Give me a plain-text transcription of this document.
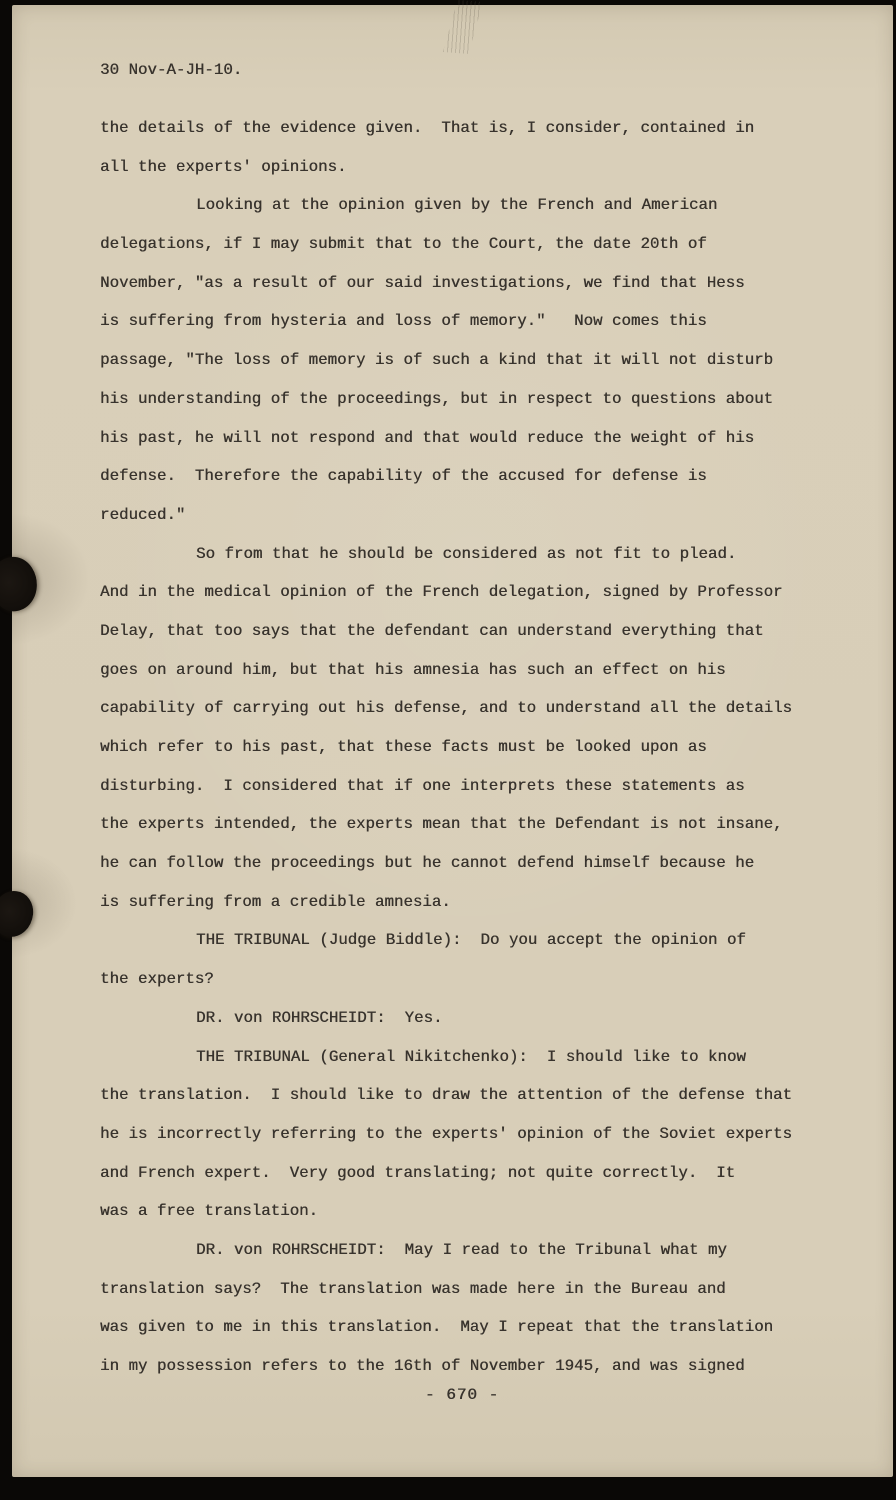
30 Nov-A-JH-10.

the details of the evidence given.  That is, I consider, contained in
all the experts' opinions.

Looking at the opinion given by the French and American
delegations, if I may submit that to the Court, the date 20th of
November, "as a result of our said investigations, we find that Hess
is suffering from hysteria and loss of memory."   Now comes this
passage, "The loss of memory is of such a kind that it will not disturb
his understanding of the proceedings, but in respect to questions about
his past, he will not respond and that would reduce the weight of his
defense.  Therefore the capability of the accused for defense is
reduced."

So from that he should be considered as not fit to plead.
And in the medical opinion of the French delegation, signed by Professor
Delay, that too says that the defendant can understand everything that
goes on around him, but that his amnesia has such an effect on his
capability of carrying out his defense, and to understand all the details
which refer to his past, that these facts must be looked upon as
disturbing.  I considered that if one interprets these statements as
the experts intended, the experts mean that the Defendant is not insane,
he can follow the proceedings but he cannot defend himself because he
is suffering from a credible amnesia.

THE TRIBUNAL (Judge Biddle):  Do you accept the opinion of
the experts?

DR. von ROHRSCHEIDT:  Yes.

THE TRIBUNAL (General Nikitchenko):  I should like to know
the translation.  I should like to draw the attention of the defense that
he is incorrectly referring to the experts' opinion of the Soviet experts
and French expert.  Very good translating; not quite correctly.  It
was a free translation.

DR. von ROHRSCHEIDT:  May I read to the Tribunal what my
translation says?  The translation was made here in the Bureau and
was given to me in this translation.  May I repeat that the translation
in my possession refers to the 16th of November 1945, and was signed

- 670 -
